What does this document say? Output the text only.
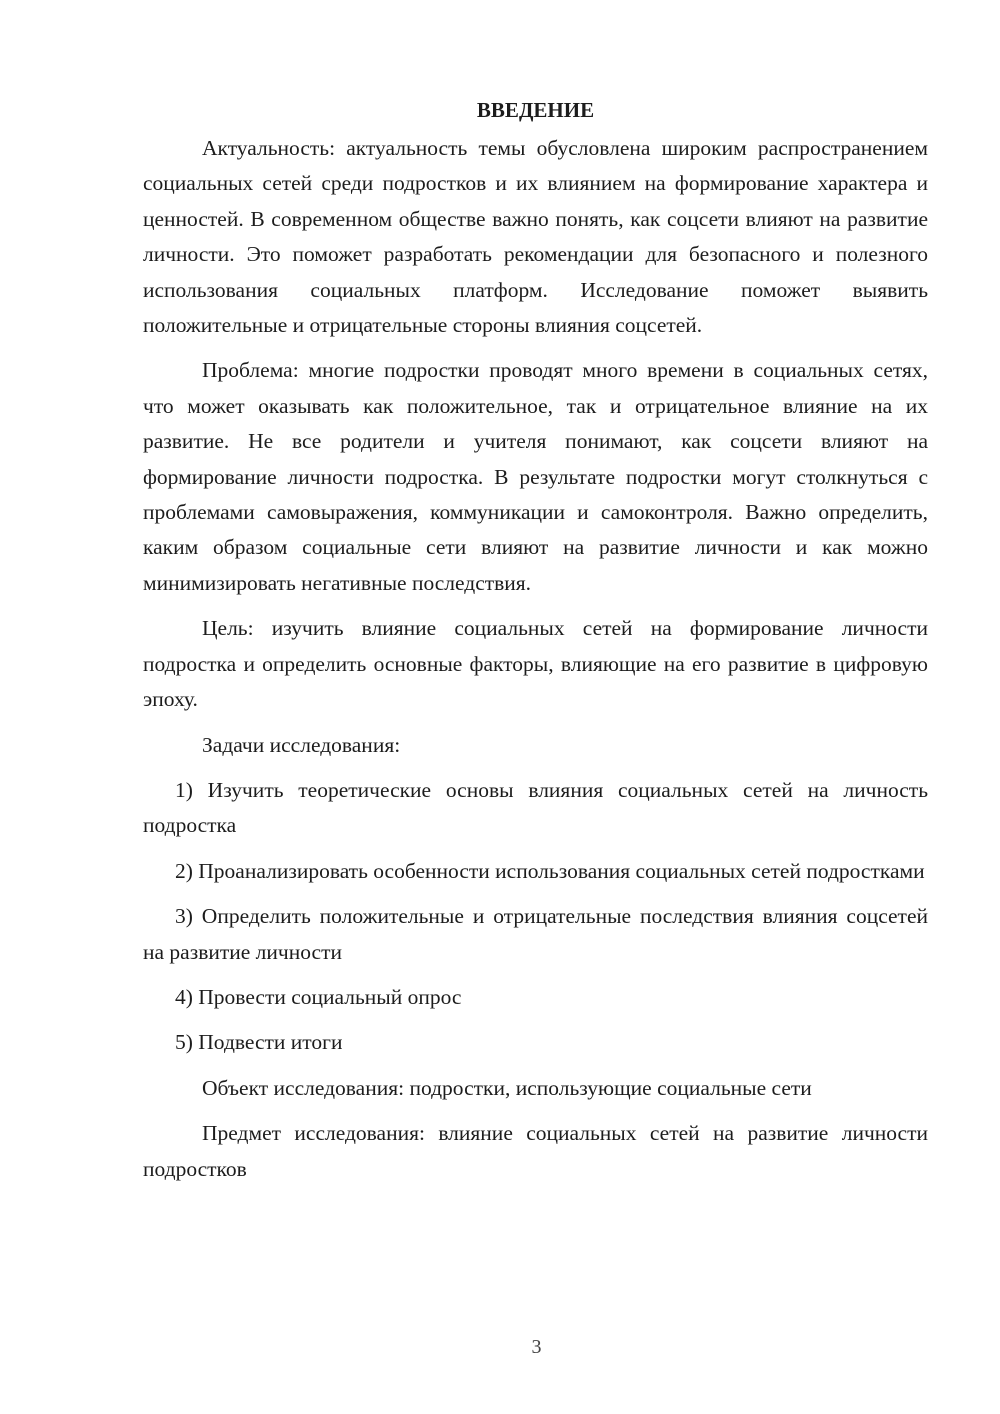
ВВЕДЕНИЕ

Актуальность: актуальность темы обусловлена широким распространением социальных сетей среди подростков и их влиянием на формирование характера и ценностей. В современном обществе важно понять, как соцсети влияют на развитие личности. Это поможет разработать рекомендации для безопасного и полезного использования социальных платформ. Исследование поможет выявить положительные и отрицательные стороны влияния соцсетей.

Проблема: многие подростки проводят много времени в социальных сетях, что может оказывать как положительное, так и отрицательное влияние на их развитие. Не все родители и учителя понимают, как соцсети влияют на формирование личности подростка. В результате подростки могут столкнуться с проблемами самовыражения, коммуникации и самоконтроля. Важно определить, каким образом социальные сети влияют на развитие личности и как можно минимизировать негативные последствия.

Цель: изучить влияние социальных сетей на формирование личности подростка и определить основные факторы, влияющие на его развитие в цифровую эпоху.

Задачи исследования:

1) Изучить теоретические основы влияния социальных сетей на личность подростка

2) Проанализировать особенности использования социальных сетей подростками

3) Определить положительные и отрицательные последствия влияния соцсетей на развитие личности

4) Провести социальный опрос

5) Подвести итоги

Объект исследования: подростки, использующие социальные сети

Предмет исследования: влияние социальных сетей на развитие личности подростков

3
